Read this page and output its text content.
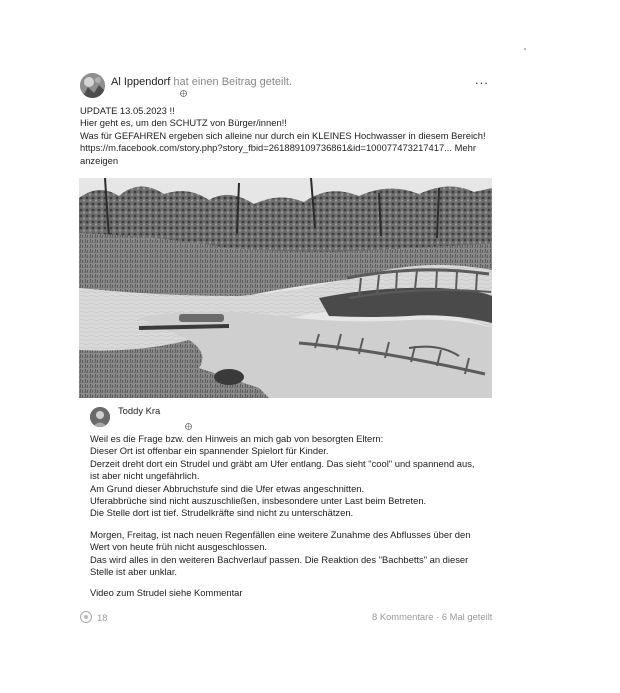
Al Ippendorf hat einen Beitrag geteilt.	...
UPDATE 13.05.2023 !!
Hier geht es, um den SCHUTZ von Bürger/innen!!
Was für GEFAHREN ergeben sich alleine nur durch ein KLEINES Hochwasser in diesem Bereich!
https://m.facebook.com/story.php?story_fbid=261889109736861&id=100077473217417... Mehr
anzeigen
Toddy Kra
Weil es die Frage bzw. den Hinweis an mich gab von besorgten Eltern:
Dieser Ort ist offenbar ein spannender Spielort für Kinder.
Derzeit dreht dort ein Strudel und gräbt am Ufer entlang. Das sieht "cool" und spannend aus,
ist aber nicht ungefährlich.
Am Grund dieser Abbruchstufe sind die Ufer etwas angeschnitten.
Uferabbrüche sind nicht auszuschließen, insbesondere unter Last beim Betreten.
Die Stelle dort ist tief. Strudelkräfte sind nicht zu unterschätzen.
Morgen, Freitag, ist nach neuen Regenfällen eine weitere Zunahme des Abflusses über den
Wert von heute früh nicht ausgeschlossen.
Das wird alles in den weiteren Bachverlauf passen. Die Reaktion des "Bachbetts" an dieser
Stelle ist aber unklar.
Video zum Strudel siehe Kommentar
18	8 Kommentare · 6 Mal geteilt
